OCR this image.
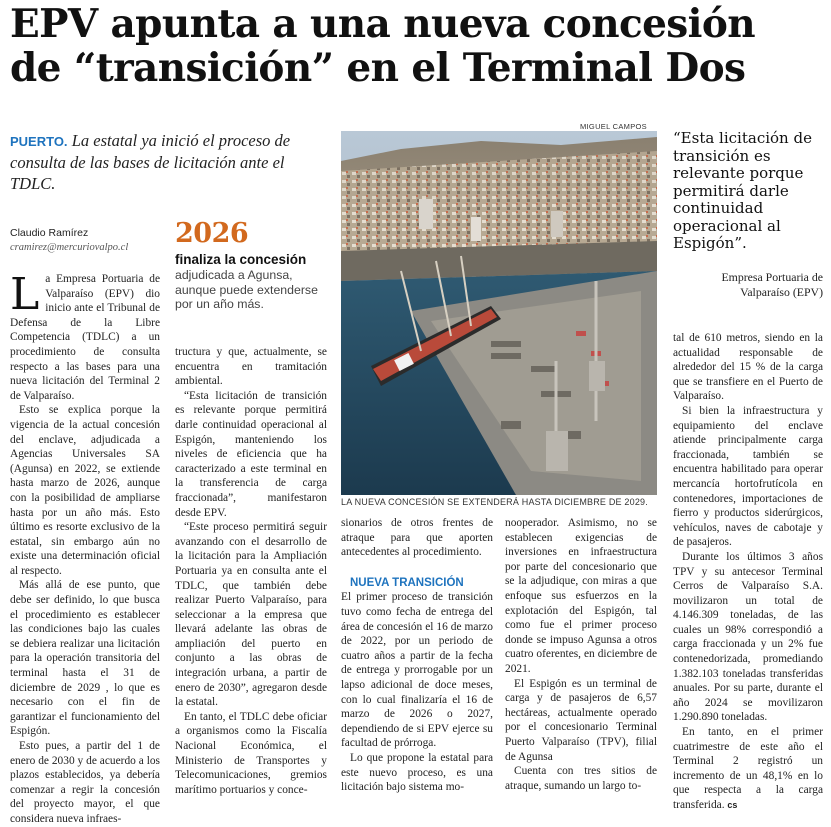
EPV apunta a una nueva concesión
de “transición” en el Terminal Dos
PUERTO. La estatal ya inició el proceso de consulta de las bases de licitación ante el TDLC.
Claudio Ramírez
cramirez@mercuriovalpo.cl 2026
finaliza la concesión
adjudicada a Agunsa, aunque puede extenderse por un año más.

La Empresa Portuaria de Valparaíso (EPV) dio inicio ante el Tribunal de Defensa de la Libre Competencia (TDLC) a un procedimiento de consulta respecto a las bases para una nueva licitación del Terminal 2 de Valparaíso.

Esto se explica porque la vigencia de la actual concesión del enclave, adjudicada a Agencias Universales SA (Agunsa) en 2022, se extiende hasta marzo de 2026, aunque con la posibilidad de ampliarse hasta por un año más. Esto último es resorte exclusivo de la estatal, sin embargo aún no existe una determinación oficial al respecto.

Más allá de ese punto, que debe ser definido, lo que busca el procedimiento es establecer las condiciones bajo las cuales se debiera realizar una licitación para la operación transitoria del terminal hasta el 31 de diciembre de 2029 , lo que es necesario con el fin de garantizar el funcionamiento del Espigón.

Esto pues, a partir del 1 de enero de 2030 y de acuerdo a los plazos establecidos, ya debería comenzar a regir la concesión del proyecto mayor, el que considera nueva infraes-

tructura y que, actualmente, se encuentra en tramitación ambiental.

“Esta licitación de transición es relevante porque permitirá darle continuidad operacional al Espigón, manteniendo los niveles de eficiencia que ha caracterizado a este terminal en la transferencia de carga fraccionada”, manifestaron desde EPV.

“Este proceso permitirá seguir avanzando con el desarrollo de la licitación para la Ampliación Portuaria ya en consulta ante el TDLC, que también debe realizar Puerto Valparaíso, para seleccionar a la empresa que llevará adelante las obras de ampliación del puerto en conjunto a las obras de integración urbana, a partir de enero de 2030”, agregaron desde la estatal.

En tanto, el TDLC debe oficiar a organismos como la Fiscalía Nacional Económica, el Ministerio de Transportes y Telecomunicaciones, gremios marítimo portuarios y conce-

MIGUEL CAMPOS
LA NUEVA CONCESIÓN SE EXTENDERÁ HASTA DICIEMBRE DE 2029.
“Esta licitación de transición es relevante porque permitirá darle continuidad operacional al Espigón”.
Empresa Portuaria de Valparaíso (EPV)

sionarios de otros frentes de atraque para que aporten antecedentes al procedimiento.

NUEVA TRANSICIÓN

El primer proceso de transición tuvo como fecha de entrega del área de concesión el 16 de marzo de 2022, por un periodo de cuatro años a partir de la fecha de entrega y prorrogable por un lapso adicional de doce meses, con lo cual finalizaría el 16 de marzo de 2026 o 2027, dependiendo de si EPV ejerce su facultad de prórroga.

Lo que propone la estatal para este nuevo proceso, es una licitación bajo sistema mo-

nooperador. Asimismo, no se establecen exigencias de inversiones en infraestructura por parte del concesionario que se la adjudique, con miras a que enfoque sus esfuerzos en la explotación del Espigón, tal como fue el primer proceso donde se impuso Agunsa a otros cuatro oferentes, en diciembre de 2021.

El Espigón es un terminal de carga y de pasajeros de 6,57 hectáreas, actualmente operado por el concesionario Terminal Puerto Valparaíso (TPV), filial de Agunsa

Cuenta con tres sitios de atraque, sumando un largo to-

tal de 610 metros, siendo en la actualidad responsable de alrededor del 15 % de la carga que se transfiere en el Puerto de Valparaíso.

Si bien la infraestructura y equipamiento del enclave atiende principalmente carga fraccionada, también se encuentra habilitado para operar mercancía hortofrutícola en contenedores, importaciones de fierro y productos siderúrgicos, vehículos, naves de cabotaje y de pasajeros.

Durante los últimos 3 años TPV y su antecesor Terminal Cerros de Valparaíso S.A. movilizaron un total de 4.146.309 toneladas, de las cuales un 98% correspondió a carga fraccionada y un 2% fue contenedorizada, promediando 1.382.103 toneladas transferidas anuales. Por su parte, durante el año 2024 se movilizaron 1.290.890 toneladas.

En tanto, en el primer cuatrimestre de este año el Terminal 2 registró un incremento de un 48,1% en lo que respecta a la carga transferida. cs
